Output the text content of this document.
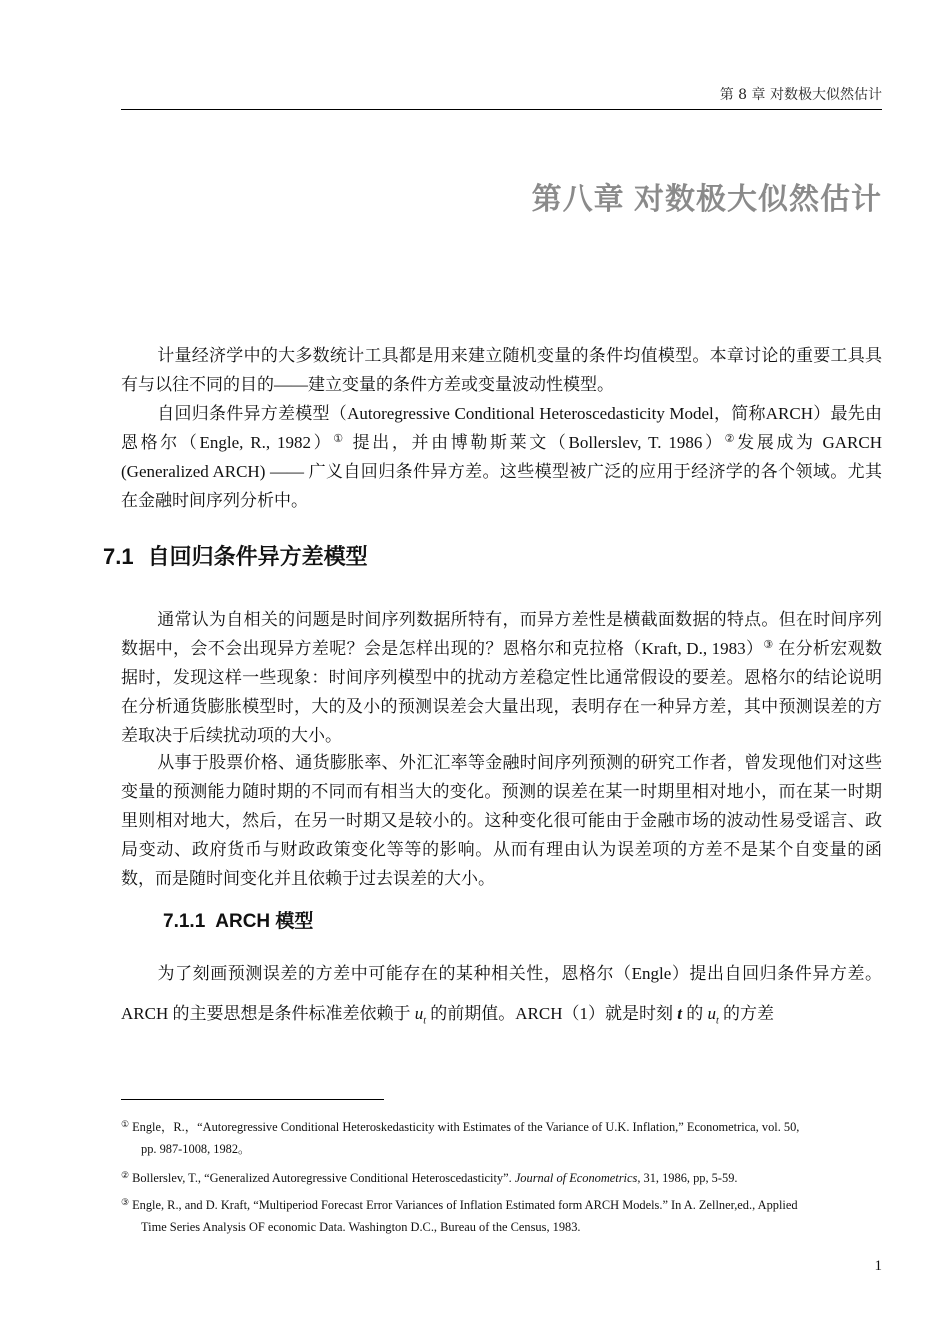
第 8 章 对数极大似然估计
第八章 对数极大似然估计
计量经济学中的大多数统计工具都是用来建立随机变量的条件均值模型。本章讨论的重要工具具有与以往不同的目的——建立变量的条件方差或变量波动性模型。
自回归条件异方差模型（Autoregressive Conditional Heteroscedasticity Model，简称ARCH）最先由恩格尔（Engle, R., 1982）① 提出，并由博勒斯莱文（Bollerslev, T. 1986）②发展成为 GARCH (Generalized ARCH) —— 广义自回归条件异方差。这些模型被广泛的应用于经济学的各个领域。尤其在金融时间序列分析中。
7.1 自回归条件异方差模型
通常认为自相关的问题是时间序列数据所特有，而异方差性是横截面数据的特点。但在时间序列数据中，会不会出现异方差呢？会是怎样出现的？恩格尔和克拉格（Kraft, D., 1983）③ 在分析宏观数据时，发现这样一些现象：时间序列模型中的扰动方差稳定性比通常假设的要差。恩格尔的结论说明在分析通货膨胀模型时，大的及小的预测误差会大量出现，表明存在一种异方差，其中预测误差的方差取决于后续扰动项的大小。
从事于股票价格、通货膨胀率、外汇汇率等金融时间序列预测的研究工作者，曾发现他们对这些变量的预测能力随时期的不同而有相当大的变化。预测的误差在某一时期里相对地小，而在某一时期里则相对地大，然后，在另一时期又是较小的。这种变化很可能由于金融市场的波动性易受谣言、政局变动、政府货币与财政政策变化等等的影响。从而有理由认为误差项的方差不是某个自变量的函数，而是随时间变化并且依赖于过去误差的大小。
7.1.1 ARCH 模型
为了刻画预测误差的方差中可能存在的某种相关性，恩格尔（Engle）提出自回归条件异方差。ARCH 的主要思想是条件标准差依赖于 $u_t$ 的前期值。ARCH（1）就是时刻 t 的 $u_t$ 的方差
① Engle，R.，“Autoregressive Conditional Heteroskedasticity with Estimates of the Variance of U.K. Inflation,” Econometrica, vol. 50,
pp. 987-1008, 1982。
② Bollerslev, T., “Generalized Autoregressive Conditional Heteroscedasticity”. Journal of Econometrics, 31, 1986, pp, 5-59.
③ Engle, R., and D. Kraft, “Multiperiod Forecast Error Variances of Inflation Estimated form ARCH Models.” In A. Zellner,ed., Applied
Time Series Analysis OF economic Data. Washington D.C., Bureau of the Census, 1983.
1
